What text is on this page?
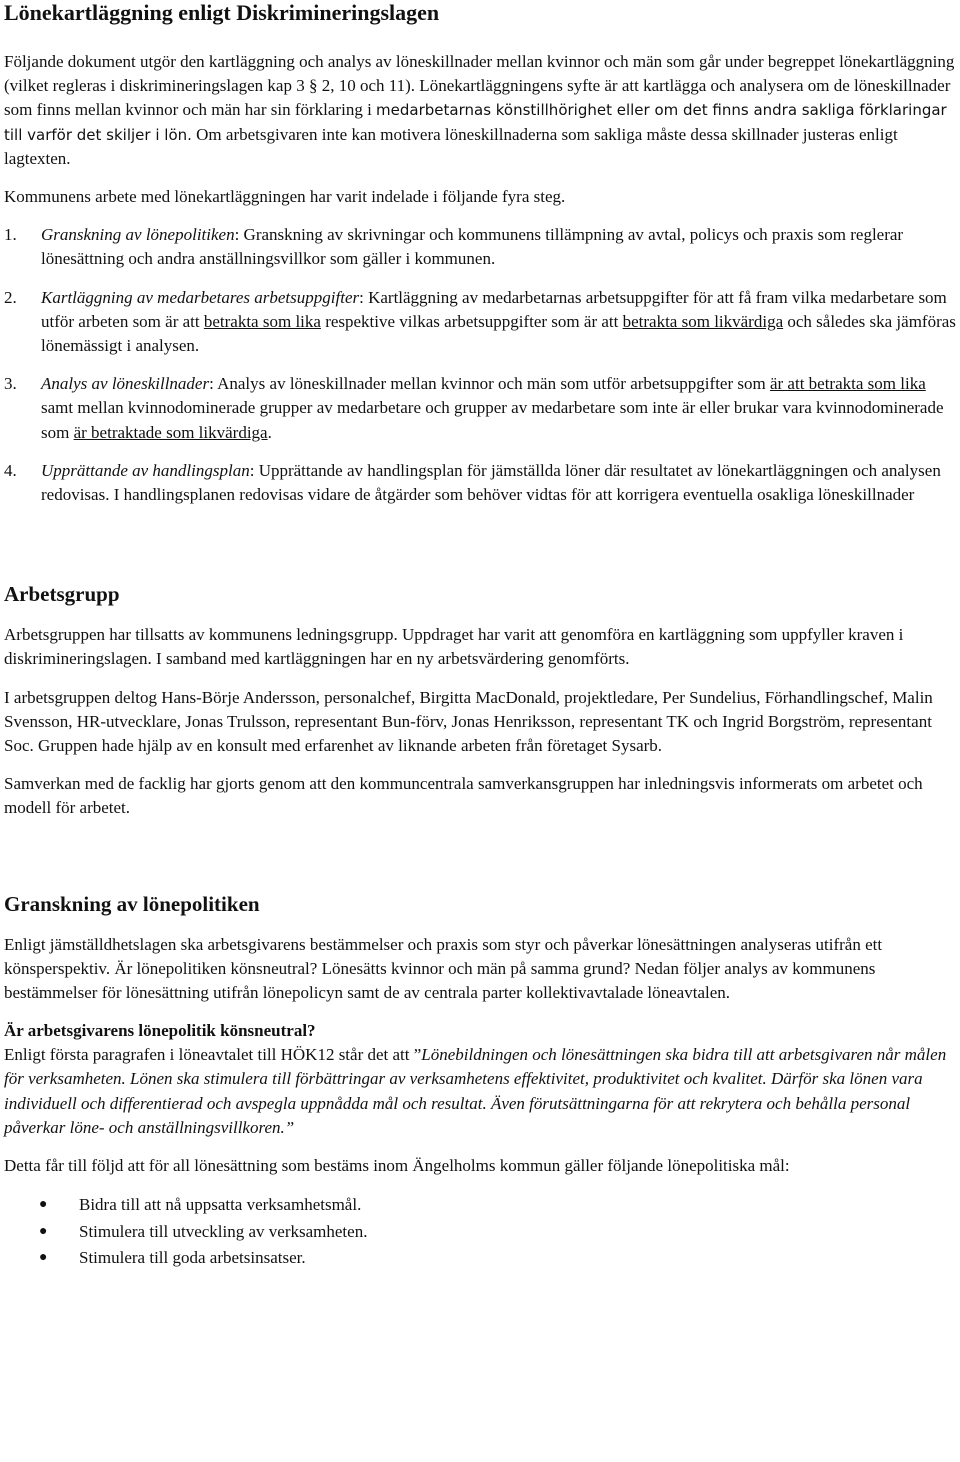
Lönekartläggning enligt Diskrimineringslagen

Följande dokument utgör den kartläggning och analys av löneskillnader mellan kvinnor och män som går under begreppet lönekartläggning (vilket regleras i diskrimineringslagen kap 3 § 2, 10 och 11). Lönekartläggningens syfte är att kartlägga och analysera om de löneskillnader som finns mellan kvinnor och män har sin förklaring i medarbetarnas könstillhörighet eller om det finns andra sakliga förklaringar till varför det skiljer i lön. Om arbetsgivaren inte kan motivera löneskillnaderna som sakliga måste dessa skillnader justeras enligt lagtexten.

Kommunens arbete med lönekartläggningen har varit indelade i följande fyra steg.

1.	Granskning av lönepolitiken: Granskning av skrivningar och kommunens tillämpning av avtal, policys och praxis som reglerar lönesättning och andra anställningsvillkor som gäller i kommunen.

2.	Kartläggning av medarbetares arbetsuppgifter: Kartläggning av medarbetarnas arbetsuppgifter för att få fram vilka medarbetare som utför arbeten som är att betrakta som lika respektive vilkas arbetsuppgifter som är att betrakta som likvärdiga och således ska jämföras lönemässigt i analysen.

3.	Analys av löneskillnader: Analys av löneskillnader mellan kvinnor och män som utför arbetsuppgifter som är att betrakta som lika samt mellan kvinnodominerade grupper av medarbetare och grupper av medarbetare som inte är eller brukar vara kvinnodominerade som är betraktade som likvärdiga.

4.	Upprättande av handlingsplan: Upprättande av handlingsplan för jämställda löner där resultatet av lönekartläggningen och analysen redovisas. I handlingsplanen redovisas vidare de åtgärder som behöver vidtas för att korrigera eventuella osakliga löneskillnader

Arbetsgrupp

Arbetsgruppen har tillsatts av kommunens ledningsgrupp. Uppdraget har varit att genomföra en kartläggning som uppfyller kraven i diskrimineringslagen. I samband med kartläggningen har en ny arbetsvärdering genomförts.

I arbetsgruppen deltog Hans-Börje Andersson, personalchef, Birgitta MacDonald, projektledare, Per Sundelius, Förhandlingschef, Malin Svensson, HR-utvecklare, Jonas Trulsson, representant Bun-förv, Jonas Henriksson, representant TK och Ingrid Borgström, representant Soc. Gruppen hade hjälp av en konsult med erfarenhet av liknande arbeten från företaget Sysarb.

Samverkan med de facklig har gjorts genom att den kommuncentrala samverkansgruppen har inledningsvis informerats om arbetet och modell för arbetet.

Granskning av lönepolitiken

Enligt jämställdhetslagen ska arbetsgivarens bestämmelser och praxis som styr och påverkar lönesättningen analyseras utifrån ett könsperspektiv. Är lönepolitiken könsneutral? Lönesätts kvinnor och män på samma grund? Nedan följer analys av kommunens bestämmelser för lönesättning utifrån lönepolicyn samt de av centrala parter kollektivavtalade löneavtalen.

Är arbetsgivarens lönepolitik könsneutral?

Enligt första paragrafen i löneavtalet till HÖK12 står det att ”Lönebildningen och lönesättningen ska bidra till att arbetsgivaren når målen för verksamheten. Lönen ska stimulera till förbättringar av verksamhetens effektivitet, produktivitet och kvalitet. Därför ska lönen vara individuell och differentierad och avspegla uppnådda mål och resultat. Även förutsättningarna för att rekrytera och behålla personal påverkar löne- och anställningsvillkoren.”

Detta får till följd att för all lönesättning som bestäms inom Ängelholms kommun gäller följande lönepolitiska mål:

●	Bidra till att nå uppsatta verksamhetsmål.
●	Stimulera till utveckling av verksamheten.
●	Stimulera till goda arbetsinsatser.
